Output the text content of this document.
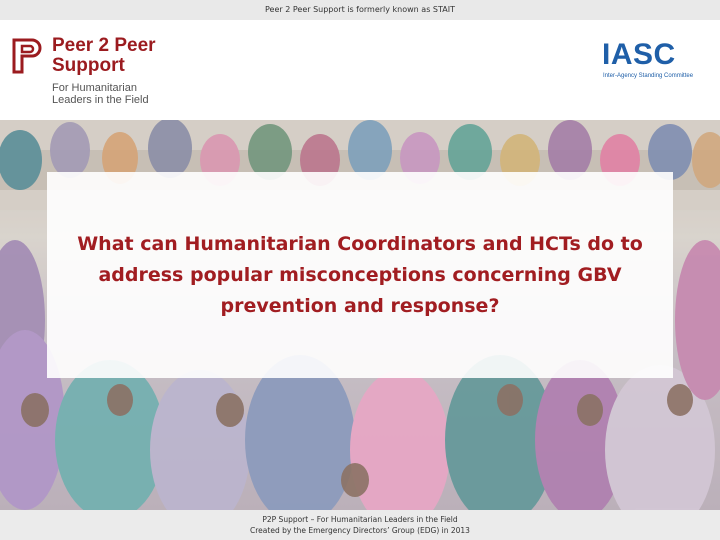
Peer 2 Peer Support is formerly known as STAIT
Peer 2 Peer
Support
For Humanitarian
Leaders in the Field
IASC
Inter-Agency Standing Committee

What can Humanitarian Coordinators and HCTs do to address popular misconceptions concerning GBV prevention and response?

P2P Support – For Humanitarian Leaders in the Field
Created by the Emergency Directors’ Group (EDG) in 2013
